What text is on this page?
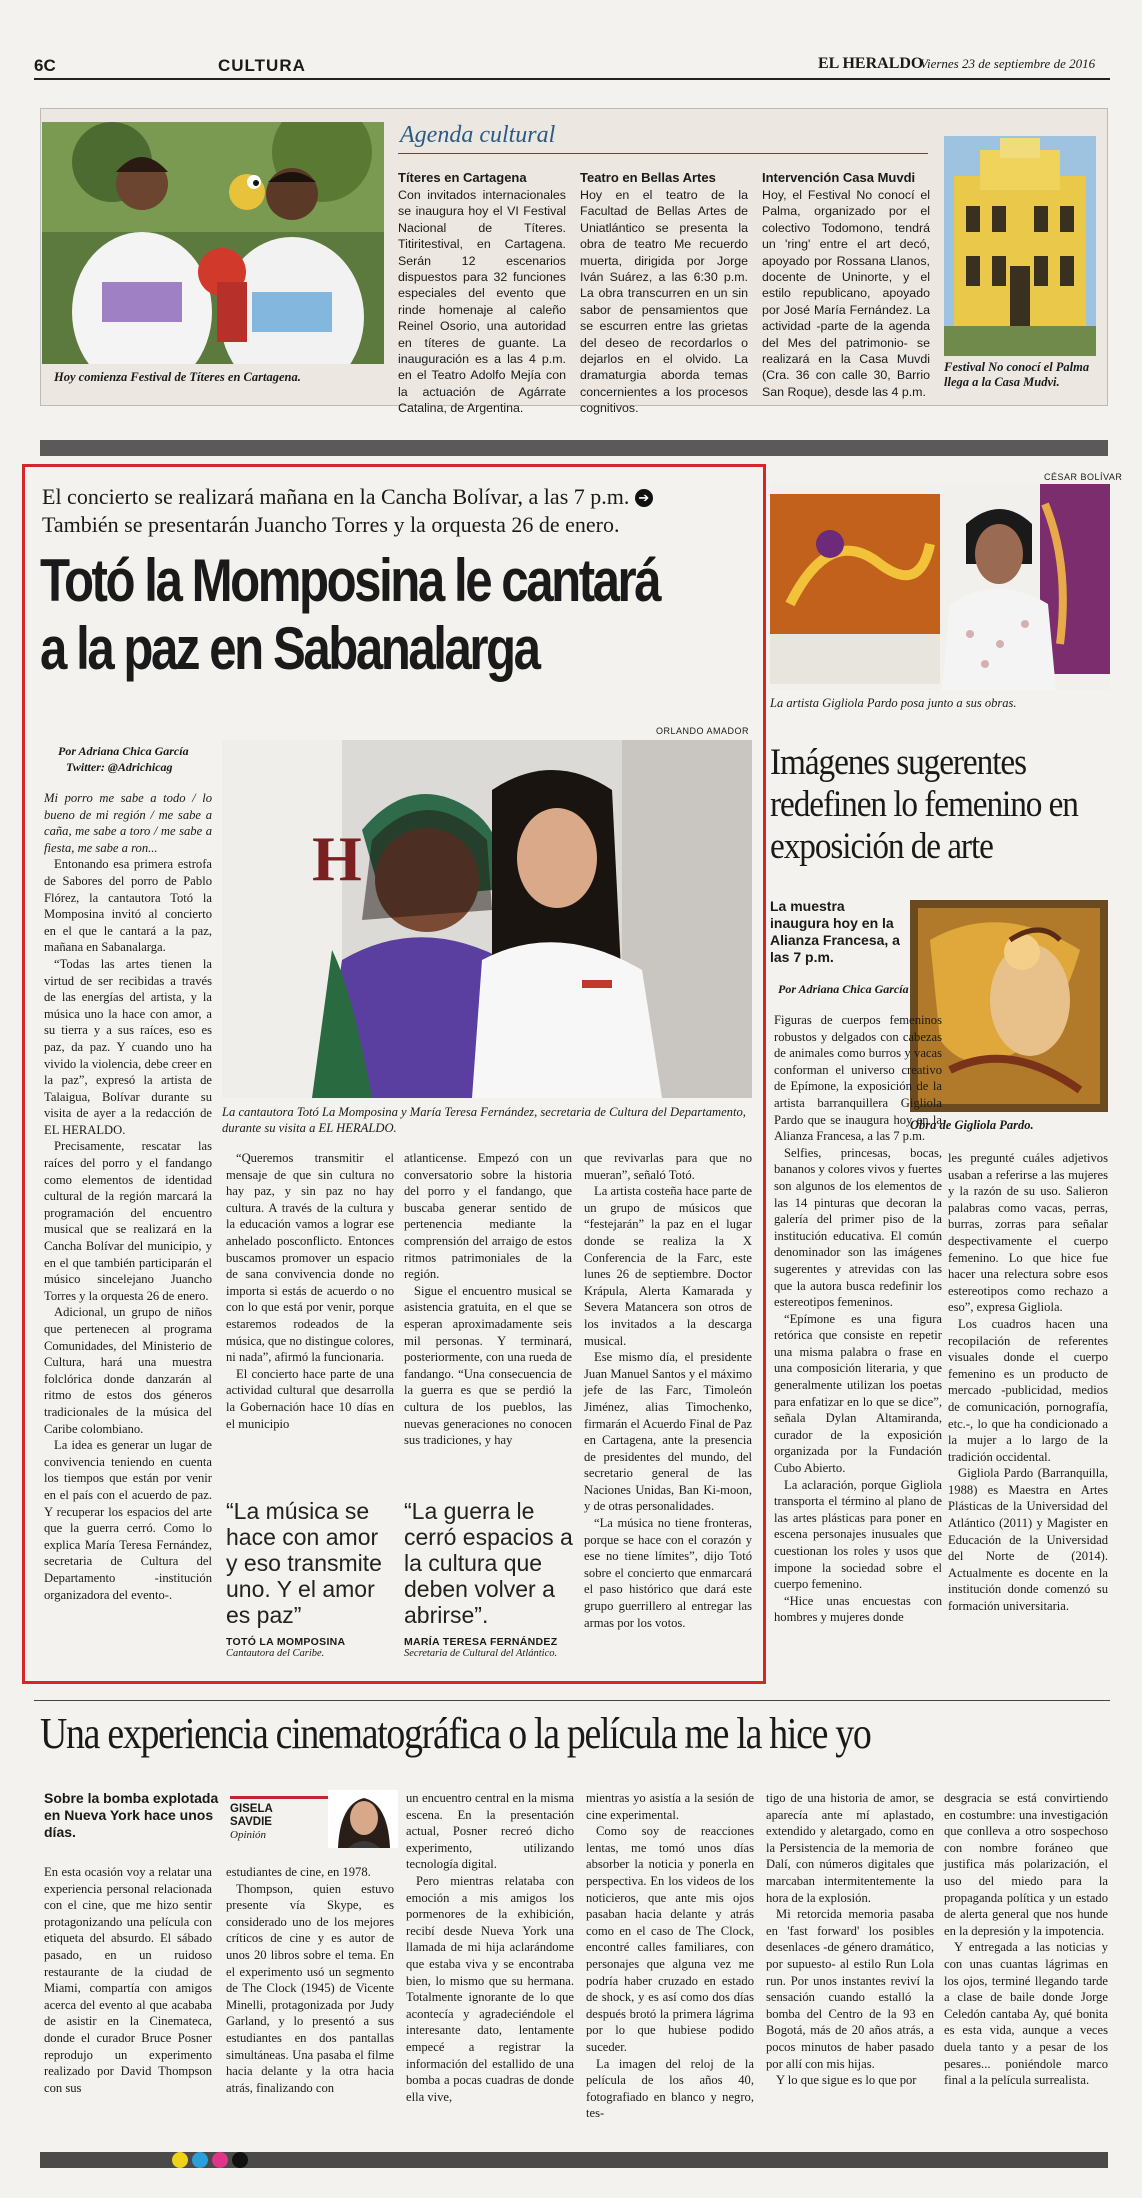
6C	CULTURA	EL HERALDO
Viernes 23 de septiembre de 2016
Hoy comienza Festival de Títeres en Cartagena.
Agenda cultural
Títeres en Cartagena
Con invitados internacionales se inaugura hoy el VI Festival Nacional de Títeres. Titiritestival, en Cartagena. Serán 12 escenarios dispuestos para 32 funciones especiales del evento que rinde homenaje al caleño Reinel Osorio, una autoridad en títeres de guante. La inauguración es a las 4 p.m. en el Teatro Adolfo Mejía con la actuación de Agárrate Catalina, de Argentina.
Teatro en Bellas Artes
Hoy en el teatro de la Facultad de Bellas Artes de Uniatlántico se presenta la obra de teatro Me recuerdo muerta, dirigida por Jorge Iván Suárez, a las 6:30 p.m. La obra transcurren en un sin sabor de pensamientos que se escurren entre las grietas del deseo de recordarlos o dejarlos en el olvido. La dramaturgia aborda temas concernientes a los procesos cognitivos.
Intervención Casa Muvdi
Hoy, el Festival No conocí el Palma, organizado por el colectivo Todomono, tendrá un 'ring' entre el art decó, apoyado por Rossana Llanos, docente de Uninorte, y el estilo republicano, apoyado por José María Fernández. La actividad -parte de la agenda del Mes del patrimonio- se realizará en la Casa Muvdi (Cra. 36 con calle 30, Barrio San Roque), desde las 4 p.m.
Festival No conocí el Palma llega a la Casa Mudvi.
El concierto se realizará mañana en la Cancha Bolívar, a las 7 p.m. ➔
También se presentarán Juancho Torres y la orquesta 26 de enero.
Totó la Momposina le cantará
a la paz en Sabanalarga
ORLANDO AMADOR
Por Adriana Chica García
Twitter: @Adrichicag
H
La cantautora Totó La Momposina y María Teresa Fernández, secretaria de Cultura del Departamento, durante su visita a EL HERALDO.

Mi porro me sabe a todo / lo bueno de mi región / me sabe a caña, me sabe a toro / me sabe a fiesta, me sabe a ron...

Entonando esa primera estrofa de Sabores del porro de Pablo Flórez, la cantautora Totó la Momposina invitó al concierto en el que le cantará a la paz, mañana en Sabanalarga.

“Todas las artes tienen la virtud de ser recibidas a través de las energías del artista, y la música uno la hace con amor, a su tierra y a sus raíces, eso es paz, da paz. Y cuando uno ha vivido la violencia, debe creer en la paz”, expresó la artista de Talaigua, Bolívar durante su visita de ayer a la redacción de EL HERALDO.

Precisamente, rescatar las raíces del porro y el fandango como elementos de identidad cultural de la región marcará la programación del encuentro musical que se realizará en la Cancha Bolívar del municipio, y en el que también participarán el músico sincelejano Juancho Torres y la orquesta 26 de enero.

Adicional, un grupo de niños que pertenecen al programa Comunidades, del Ministerio de Cultura, hará una muestra folclórica donde danzarán al ritmo de estos dos géneros tradicionales de la música del Caribe colombiano.

La idea es generar un lugar de convivencia teniendo en cuenta los tiempos que están por venir en el país con el acuerdo de paz. Y recuperar los espacios del arte que la guerra cerró. Como lo explica María Teresa Fernández, secretaria de Cultura del Departamento -institución organizadora del evento-.

“Queremos transmitir el mensaje de que sin cultura no hay paz, y sin paz no hay cultura. A través de la cultura y la educación vamos a lograr ese anhelado posconflicto. Entonces buscamos promover un espacio de sana convivencia donde no importa si estás de acuerdo o no con lo que está por venir, porque estaremos rodeados de la música, que no distingue colores, ni nada”, afirmó la funcionaria.

El concierto hace parte de una actividad cultural que desarrolla la Gobernación hace 10 días en el municipio

atlanticense. Empezó con un conversatorio sobre la historia del porro y el fandango, que buscaba generar sentido de pertenencia mediante la comprensión del arraigo de estos ritmos patrimoniales de la región.

Sigue el encuentro musical se asistencia gratuita, en el que se esperan aproximadamente seis mil personas. Y terminará, posteriormente, con una rueda de fandango. “Una consecuencia de la guerra es que se perdió la cultura de los pueblos, las nuevas generaciones no conocen sus tradiciones, y hay

que revivarlas para que no mueran”, señaló Totó.

La artista costeña hace parte de un grupo de músicos que “festejarán” la paz en el lugar donde se realiza la X Conferencia de la Farc, este lunes 26 de septiembre. Doctor Krápula, Alerta Kamarada y Severa Matancera son otros de los invitados a la descarga musical.

Ese mismo día, el presidente Juan Manuel Santos y el máximo jefe de las Farc, Timoleón Jiménez, alias Timochenko, firmarán el Acuerdo Final de Paz en Cartagena, ante la presencia de presidentes del mundo, del secretario general de las Naciones Unidas, Ban Ki-moon, y de otras personalidades.

“La música no tiene fronteras, porque se hace con el corazón y ese no tiene límites”, dijo Totó sobre el concierto que enmarcará el paso histórico que dará este grupo guerrillero al entregar las armas por los votos.

“La música se hace con amor y eso transmite uno. Y el amor es paz”
TOTÓ LA MOMPOSINA
Cantautora del Caribe.
“La guerra le cerró espacios a la cultura que deben volver a abrirse”.
MARÍA TERESA FERNÁNDEZ
Secretaria de Cultural del Atlántico.
CÉSAR BOLÍVAR
La artista Gigliola Pardo posa junto a sus obras.
Imágenes sugerentes redefinen lo femenino en exposición de arte
La muestra inaugura hoy en la Alianza Francesa, a las 7 p.m.
Por Adriana Chica García
Obra de Gigliola Pardo.

Figuras de cuerpos femeninos robustos y delgados con cabezas de animales como burros y vacas conforman el universo creativo de Epímone, la exposición de la artista barranquillera Gigliola Pardo que se inaugura hoy en la Alianza Francesa, a las 7 p.m.

Selfies, princesas, bocas, bananos y colores vivos y fuertes son algunos de los elementos de las 14 pinturas que decoran la galería del primer piso de la institución educativa. El común denominador son las imágenes sugerentes y atrevidas con las que la autora busca redefinir los estereotipos femeninos.

“Epímone es una figura retórica que consiste en repetir una misma palabra o frase en una composición literaria, y que generalmente utilizan los poetas para enfatizar en lo que se dice”, señala Dylan Altamiranda, curador de la exposición organizada por la Fundación Cubo Abierto.

La aclaración, porque Gigliola transporta el término al plano de las artes plásticas para poner en escena personajes inusuales que cuestionan los roles y usos que impone la sociedad sobre el cuerpo femenino.

“Hice unas encuestas con hombres y mujeres donde

les pregunté cuáles adjetivos usaban a referirse a las mujeres y la razón de su uso. Salieron palabras como vacas, perras, burras, zorras para señalar despectivamente el cuerpo femenino. Lo que hice fue hacer una relectura sobre esos estereotipos como rechazo a eso”, expresa Gigliola.

Los cuadros hacen una recopilación de referentes visuales donde el cuerpo femenino es un producto de mercado -publicidad, medios de comunicación, pornografía, etc.-, lo que ha condicionado a la mujer a lo largo de la tradición occidental.

Gigliola Pardo (Barranquilla, 1988) es Maestra en Artes Plásticas de la Universidad del Atlántico (2011) y Magister en Educación de la Universidad del Norte de (2014). Actualmente es docente en la institución donde comenzó su formación universitaria.

Una experiencia cinematográfica o la película me la hice yo
Sobre la bomba explotada en Nueva York hace unos días.
GISELA SAVDIE
Opinión

En esta ocasión voy a relatar una experiencia personal relacionada con el cine, que me hizo sentir protagonizando una película con etiqueta del absurdo. El sábado pasado, en un ruidoso restaurante de la ciudad de Miami, compartía con amigos acerca del evento al que acababa de asistir en la Cinemateca, donde el curador Bruce Posner reprodujo un experimento realizado por David Thompson con sus

estudiantes de cine, en 1978.

Thompson, quien estuvo presente vía Skype, es considerado uno de los mejores críticos de cine y es autor de unos 20 libros sobre el tema. En el experimento usó un segmento de The Clock (1945) de Vicente Minelli, protagonizada por Judy Garland, y lo presentó a sus estudiantes en dos pantallas simultáneas. Una pasaba el filme hacia delante y la otra hacia atrás, finalizando con

un encuentro central en la misma escena. En la presentación actual, Posner recreó dicho experimento, utilizando tecnología digital.

Pero mientras relataba con emoción a mis amigos los pormenores de la exhibición, recibí desde Nueva York una llamada de mi hija aclarándome que estaba viva y se encontraba bien, lo mismo que su hermana. Totalmente ignorante de lo que acontecía y agradeciéndole el interesante dato, lentamente empecé a registrar la información del estallido de una bomba a pocas cuadras de donde ella vive,

mientras yo asistía a la sesión de cine experimental.

Como soy de reacciones lentas, me tomó unos días absorber la noticia y ponerla en perspectiva. En los videos de los noticieros, que ante mis ojos pasaban hacia delante y atrás como en el caso de The Clock, encontré calles familiares, con personajes que alguna vez me podría haber cruzado en estado de shock, y es así como dos días después brotó la primera lágrima por lo que hubiese podido suceder.

La imagen del reloj de la película de los años 40, fotografiado en blanco y negro, tes-

tigo de una historia de amor, se aparecía ante mí aplastado, extendido y aletargado, como en la Persistencia de la memoria de Dalí, con números digitales que marcaban intermitentemente la hora de la explosión.

Mi retorcida memoria pasaba en 'fast forward' los posibles desenlaces -de género dramático, por supuesto- al estilo Run Lola run. Por unos instantes reviví la sensación cuando estalló la bomba del Centro de la 93 en Bogotá, más de 20 años atrás, a pocos minutos de haber pasado por allí con mis hijas.

Y lo que sigue es lo que por

desgracia se está convirtiendo en costumbre: una investigación que conlleva a otro sospechoso con nombre foráneo que justifica más polarización, el uso del miedo para la propaganda política y un estado de alerta general que nos hunde en la depresión y la impotencia.

Y entregada a las noticias y con unas cuantas lágrimas en los ojos, terminé llegando tarde a clase de baile donde Jorge Celedón cantaba Ay, qué bonita es esta vida, aunque a veces duela tanto y a pesar de los pesares... poniéndole marco final a la película surrealista.
